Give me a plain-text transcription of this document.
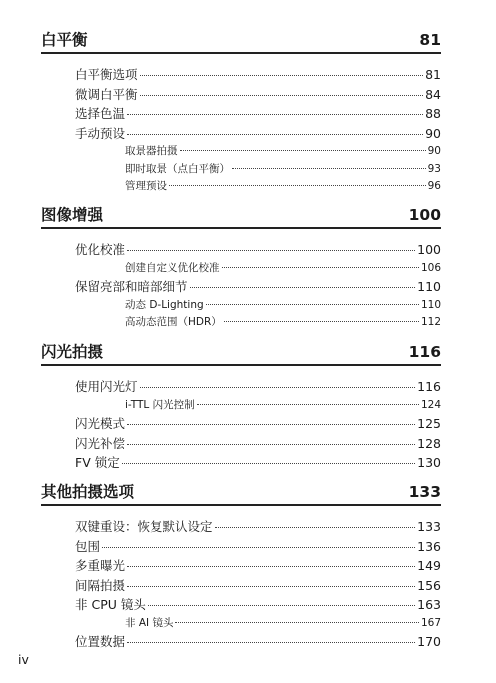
白平衡	81
白平衡选项	81
微调白平衡	84
选择色温	88
手动预设	90
取景器拍摄	90
即时取景（点白平衡）	93
管理预设	96
图像增强	100
优化校准	100
创建自定义优化校准	106
保留亮部和暗部细节	110
动态 D-Lighting	110
高动态范围（HDR）	112
闪光拍摄	116
使用闪光灯	116
i-TTL 闪光控制	124
闪光模式	125
闪光补偿	128
FV 锁定	130
其他拍摄选项	133
双键重设：恢复默认设定	133
包围	136
多重曝光	149
间隔拍摄	156
非 CPU 镜头	163
非 AI 镜头	167
位置数据	170
iv
